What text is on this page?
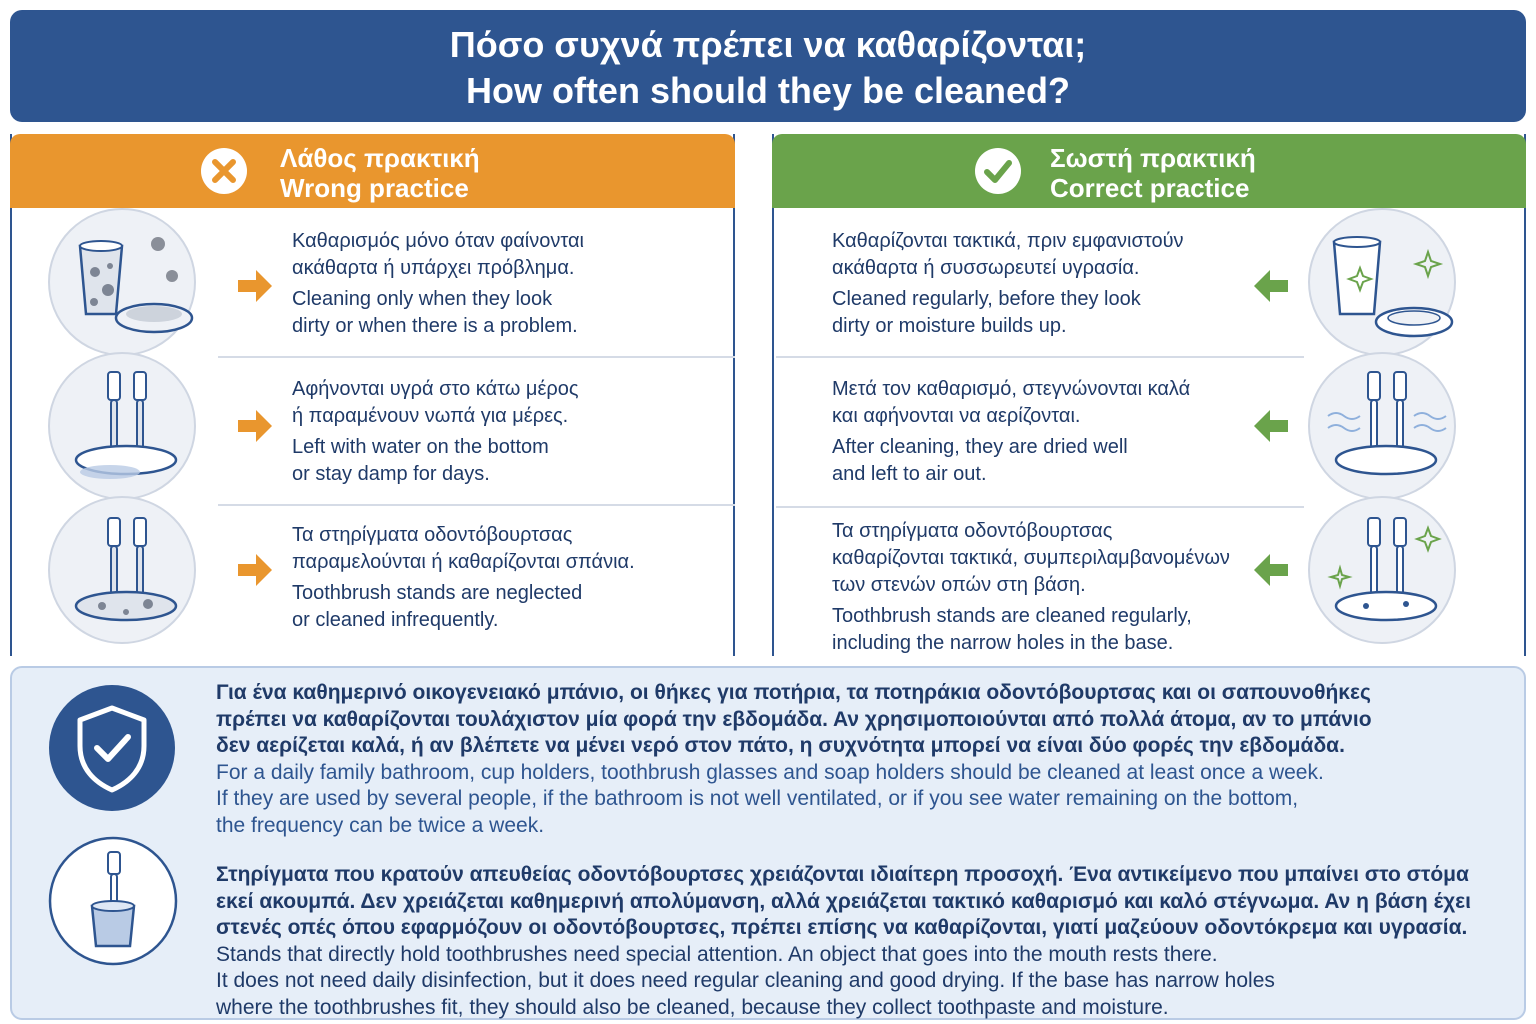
Πόσο συχνά πρέπει να καθαρίζονται;
How often should they be cleaned?
Λάθος πρακτική
Wrong practice
Καθαρισμός μόνο όταν φαίνονται
ακάθαρτα ή υπάρχει πρόβλημα.
Cleaning only when they look
dirty or when there is a problem.
Αφήνονται υγρά στο κάτω μέρος
ή παραμένουν νωπά για μέρες.
Left with water on the bottom
or stay damp for days.
Τα στηρίγματα οδοντόβουρτσας
παραμελούνται ή καθαρίζονται σπάνια.
Toothbrush stands are neglected
or cleaned infrequently.
Σωστή πρακτική
Correct practice
Καθαρίζονται τακτικά, πριν εμφανιστούν
ακάθαρτα ή συσσωρευτεί υγρασία.
Cleaned regularly, before they look
dirty or moisture builds up.
Μετά τον καθαρισμό, στεγνώνονται καλά
και αφήνονται να αερίζονται.
After cleaning, they are dried well
and left to air out.
Τα στηρίγματα οδοντόβουρτσας
καθαρίζονται τακτικά, συμπεριλαμβανομένων
των στενών οπών στη βάση.
Toothbrush stands are cleaned regularly,
including the narrow holes in the base.
Για ένα καθημερινό οικογενειακό μπάνιο, οι θήκες για ποτήρια, τα ποτηράκια οδοντόβουρτσας και οι σαπουνοθήκες
πρέπει να καθαρίζονται τουλάχιστον μία φορά την εβδομάδα. Αν χρησιμοποιούνται από πολλά άτομα, αν το μπάνιο
δεν αερίζεται καλά, ή αν βλέπετε να μένει νερό στον πάτο, η συχνότητα μπορεί να είναι δύο φορές την εβδομάδα.
For a daily family bathroom, cup holders, toothbrush glasses and soap holders should be cleaned at least once a week.
If they are used by several people, if the bathroom is not well ventilated, or if you see water remaining on the bottom,
the frequency can be twice a week.
Στηρίγματα που κρατούν απευθείας οδοντόβουρτσες χρειάζονται ιδιαίτερη προσοχή. Ένα αντικείμενο που μπαίνει στο στόμα
εκεί ακουμπά. Δεν χρειάζεται καθημερινή απολύμανση, αλλά χρειάζεται τακτικό καθαρισμό και καλό στέγνωμα. Αν η βάση έχει
στενές οπές όπου εφαρμόζουν οι οδοντόβουρτσες, πρέπει επίσης να καθαρίζονται, γιατί μαζεύουν οδοντόκρεμα και υγρασία.
Stands that directly hold toothbrushes need special attention. An object that goes into the mouth rests there.
It does not need daily disinfection, but it does need regular cleaning and good drying. If the base has narrow holes
where the toothbrushes fit, they should also be cleaned, because they collect toothpaste and moisture.
